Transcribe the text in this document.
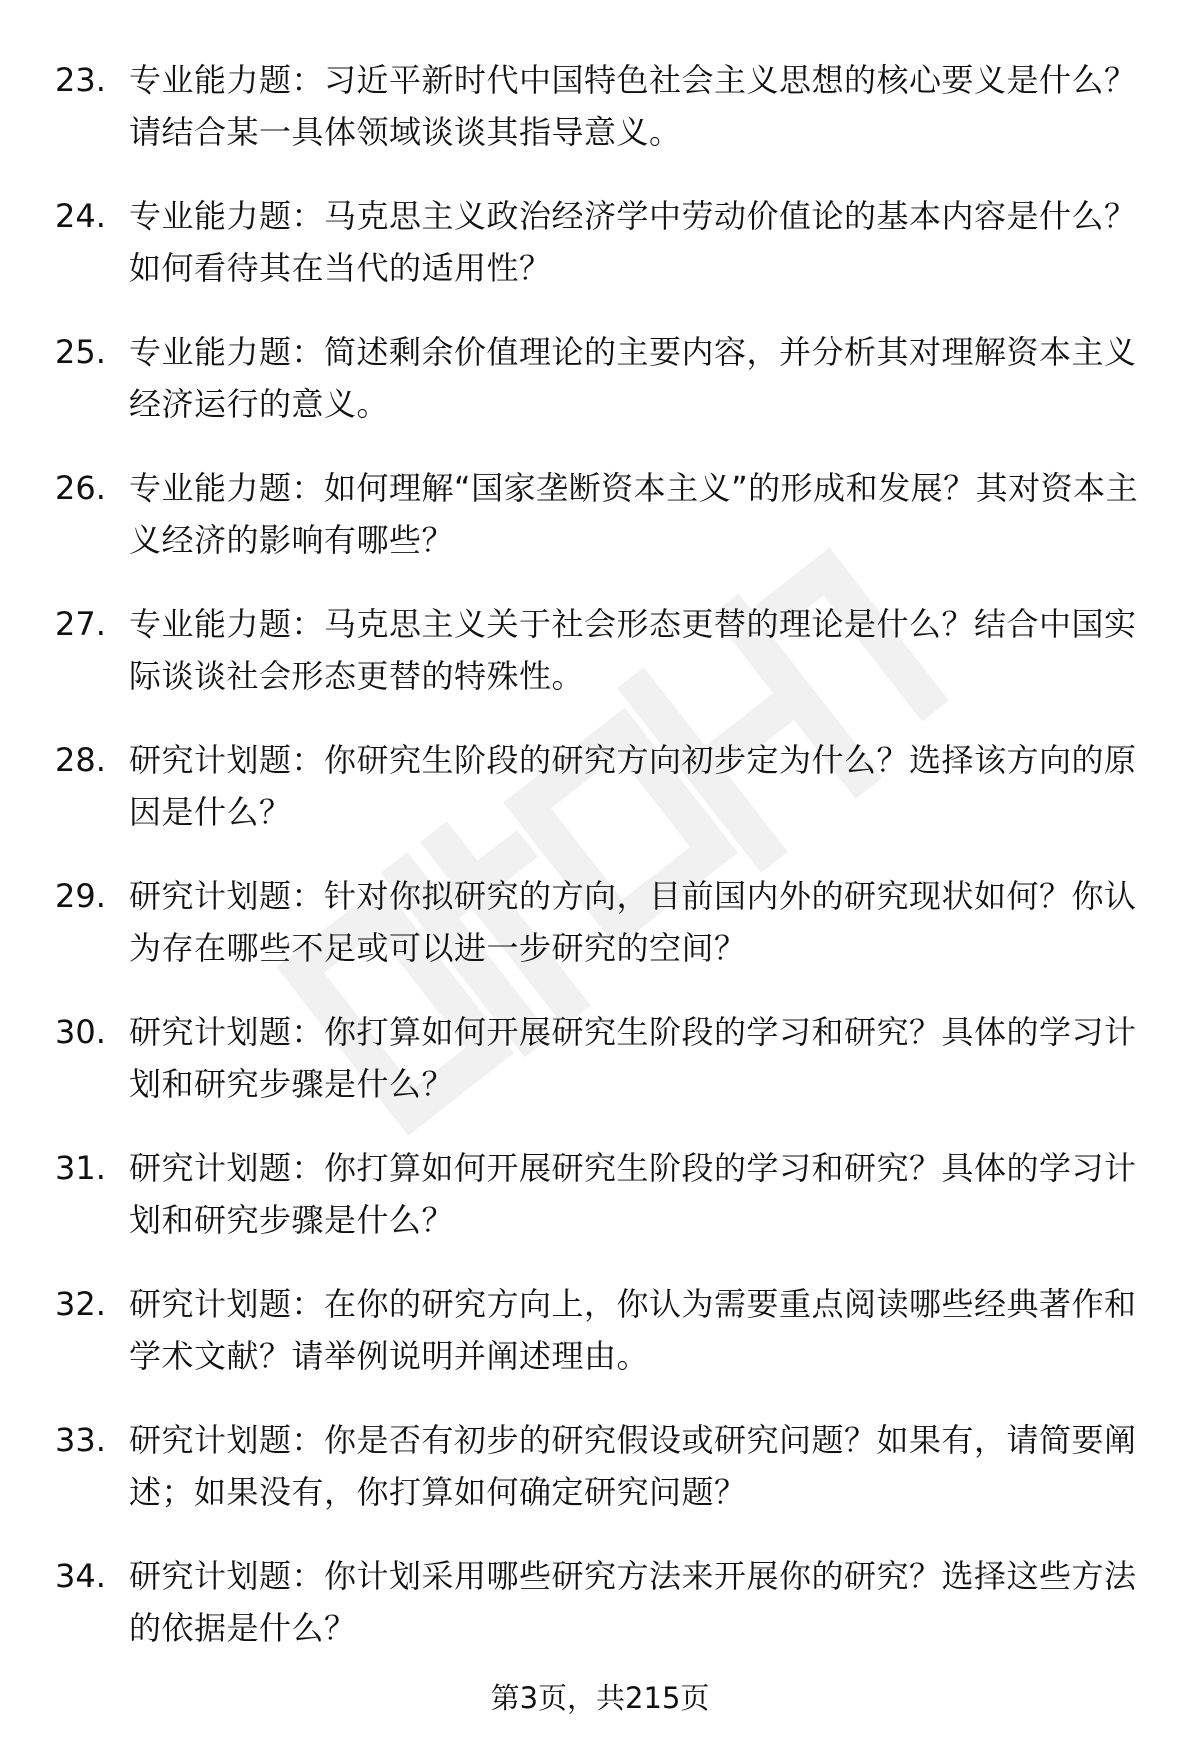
23. 专业能力题：习近平新时代中国特色社会主义思想的核心要义是什么？请结合某一具体领域谈谈其指导意义。
24. 专业能力题：马克思主义政治经济学中劳动价值论的基本内容是什么？如何看待其在当代的适用性？
25. 专业能力题：简述剩余价值理论的主要内容，并分析其对理解资本主义经济运行的意义。
26. 专业能力题：如何理解“国家垄断资本主义”的形成和发展？其对资本主义经济的影响有哪些？
27. 专业能力题：马克思主义关于社会形态更替的理论是什么？结合中国实际谈谈社会形态更替的特殊性。
28. 研究计划题：你研究生阶段的研究方向初步定为什么？选择该方向的原因是什么？
29. 研究计划题：针对你拟研究的方向，目前国内外的研究现状如何？你认为存在哪些不足或可以进一步研究的空间？
30. 研究计划题：你打算如何开展研究生阶段的学习和研究？具体的学习计划和研究步骤是什么？
31. 研究计划题：你打算如何开展研究生阶段的学习和研究？具体的学习计划和研究步骤是什么？
32. 研究计划题：在你的研究方向上，你认为需要重点阅读哪些经典著作和学术文献？请举例说明并阐述理由。
33. 研究计划题：你是否有初步的研究假设或研究问题？如果有，请简要阐述；如果没有，你打算如何确定研究问题？
34. 研究计划题：你计划采用哪些研究方法来开展你的研究？选择这些方法的依据是什么？
第3页，共215页
